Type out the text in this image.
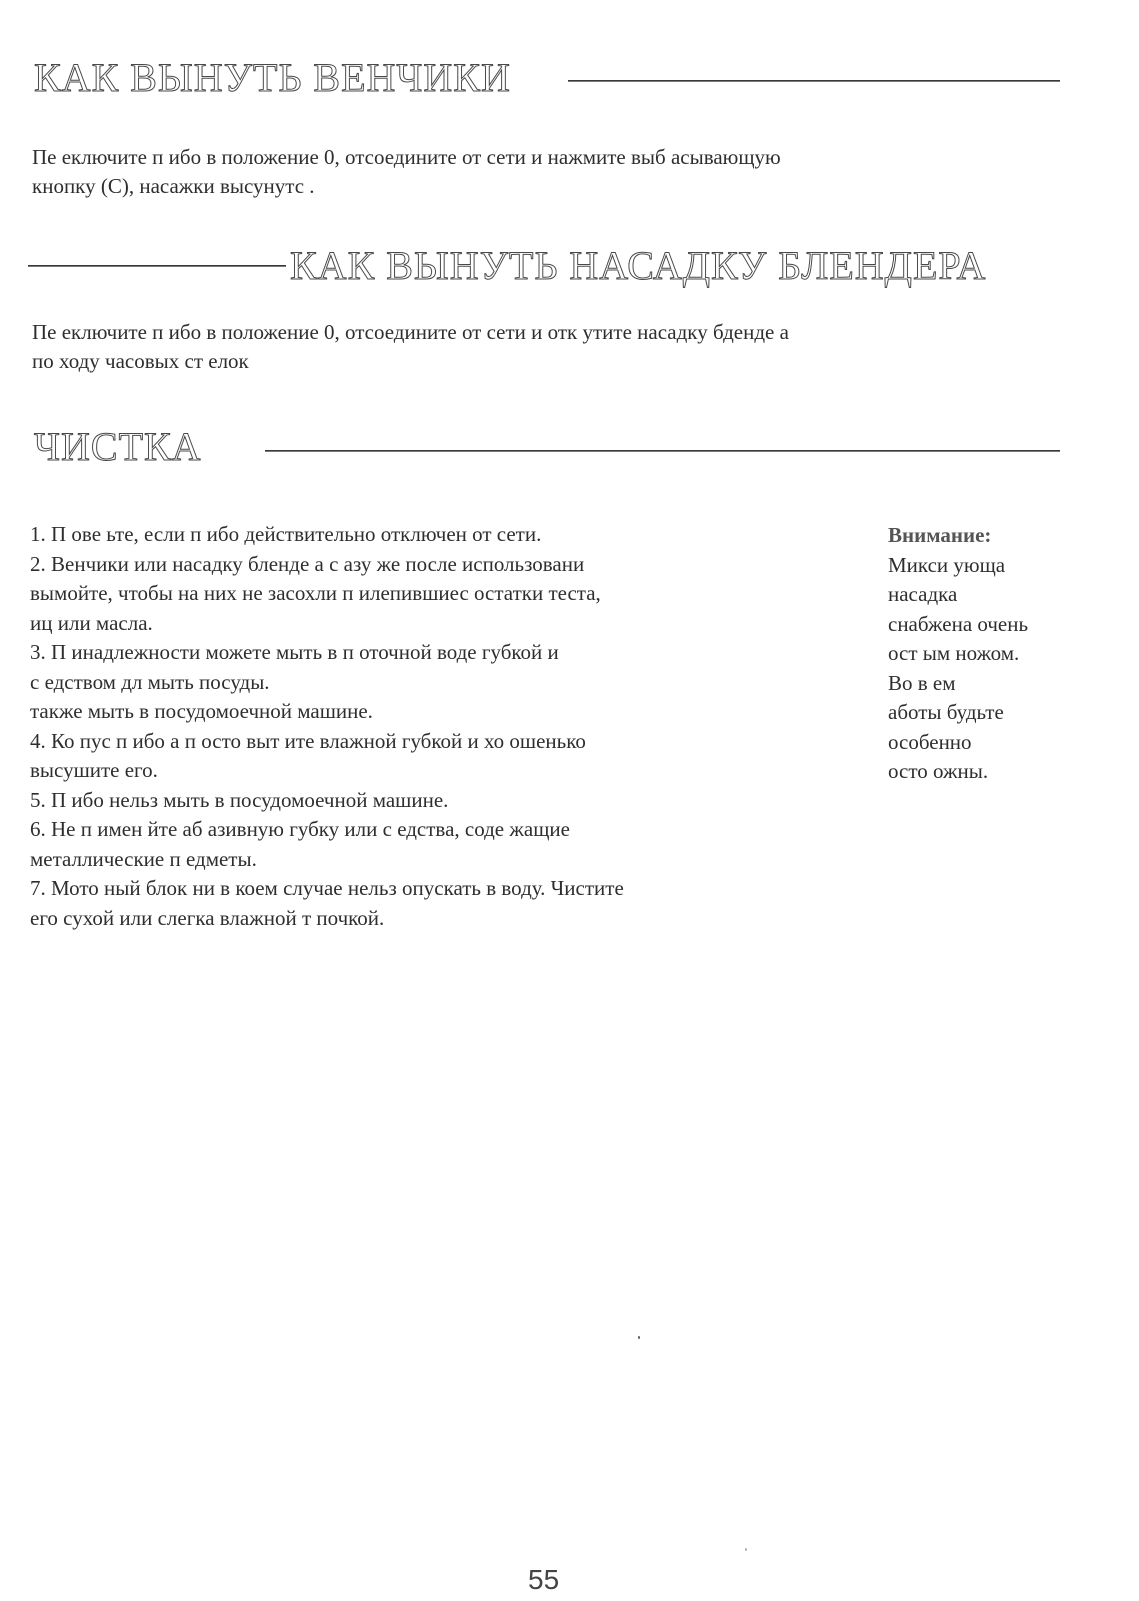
КАК ВЫНУТЬ ВЕНЧИКИ
Пе еключите п ибо в положение 0, отсоедините от сети и нажмите выб асывающую
кнопку (С), насажки высунутс .
КАК ВЫНУТЬ НАСАДКУ БЛЕНДЕРА
Пе еключите п ибо в положение 0, отсоедините от сети и отк утите насадку бденде а
по ходу часовых ст елок
ЧИСТКА
1. П ове ьте, если п ибо действительно отключен от сети.
2. Венчики или насадку бленде а с азу же после использовани
вымойте, чтобы на них не засохли п илепившиес остатки теста,
иц или масла.
3. П инадлежности можете мыть в п оточной воде губкой и
с едством дл мыть посуды.
также мыть в посудомоечной машине.
4. Ко пус п ибо а п осто выт ите влажной губкой и хо ошенько
высушите его.
5. П ибо нельз мыть в посудомоечной машине.
6. Не п имен йте аб азивную губку или с едства, соде жащие
металлические п едметы.
7. Мото ный блок ни в коем случае нельз опускать в воду. Чистите
его сухой или слегка влажной т почкой.
Внимание:
Микси ующа
насадка
снабжена очень
ост ым ножом.
Во в ем
аботы будьте
особенно
осто ожны.
55
